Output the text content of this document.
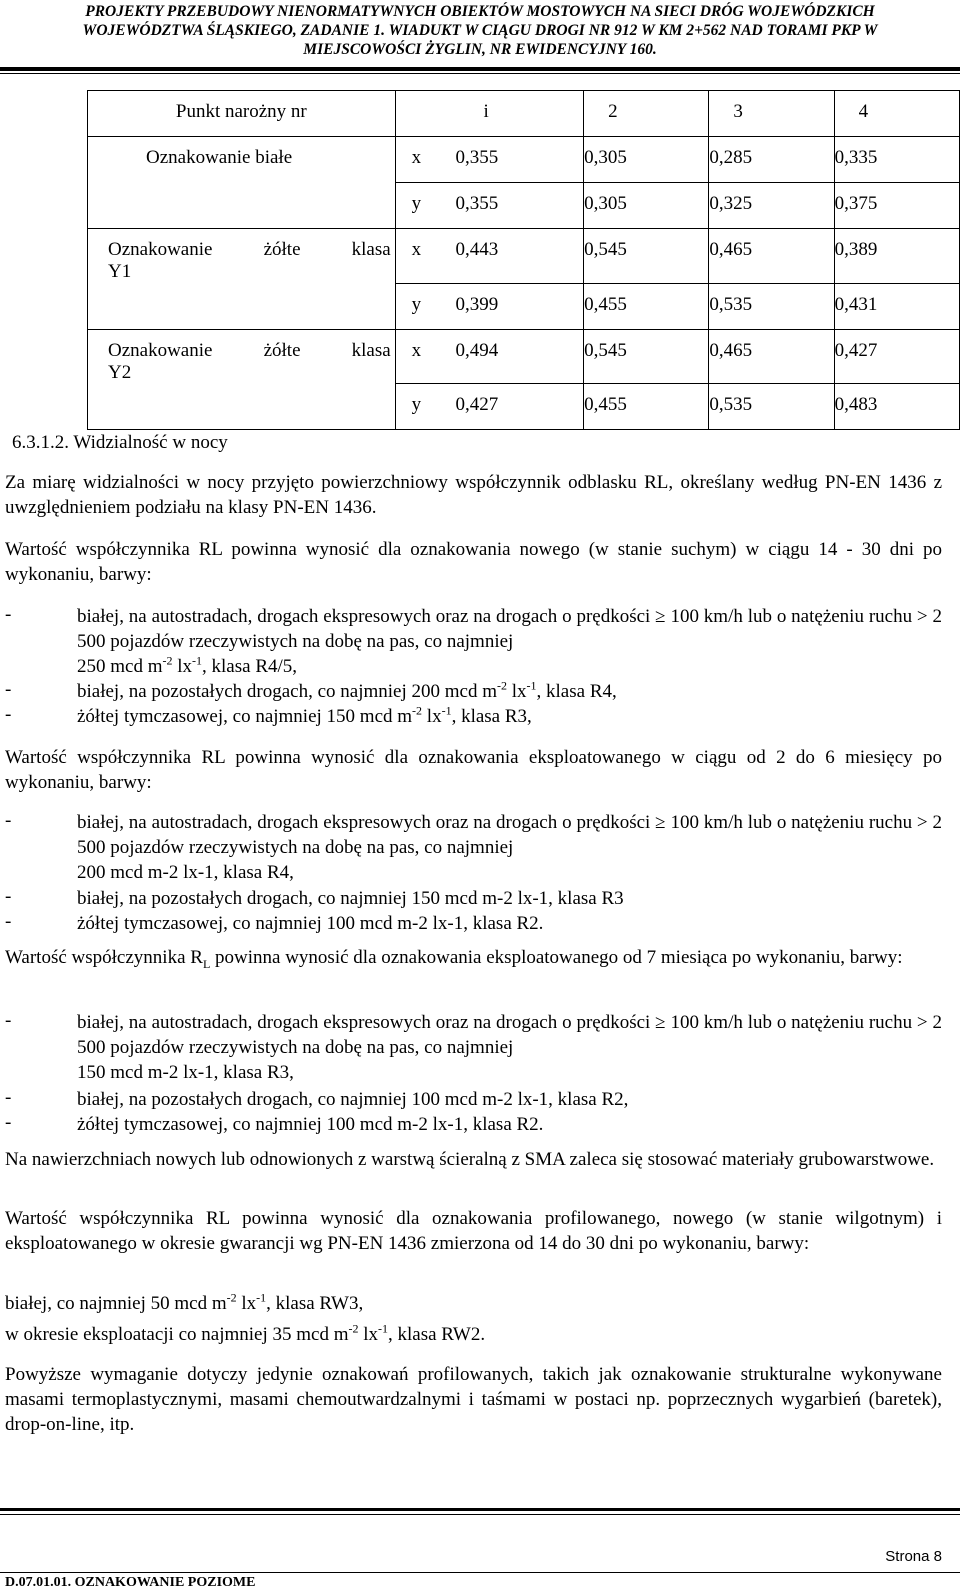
PROJEKTY PRZEBUDOWY NIENORMATYWNYCH OBIEKTÓW MOSTOWYCH NA SIECI DRÓG WOJEWÓDZKICH
WOJEWÓDZTWA ŚLĄSKIEGO, ZADANIE 1. WIADUKT W CIĄGU DROGI NR 912 W KM 2+562 NAD TORAMI PKP W
MIEJSCOWOŚCI ŻYGLIN, NR EWIDENCYJNY 160.
Punkt narożny nr		i	2	3	4
Oznakowanie białe	x	0,355	0,305	0,285	0,335
	y	0,355	0,305	0,325	0,375

Oznakowanie żółte klasa
Y1	x	0,443	0,545	0,465	0,389
	y	0,399	0,455	0,535	0,431

Oznakowanie żółte klasa
Y2	x	0,494	0,545	0,465	0,427
	y	0,427	0,455	0,535	0,483
6.3.1.2. Widzialność w nocy
Za miarę widzialności w nocy przyjęto powierzchniowy współczynnik odblasku RL, określany według PN-EN 1436 z uwzględnieniem podziału na klasy PN-EN 1436.
Wartość współczynnika RL powinna wynosić dla oznakowania nowego (w stanie suchym) w ciągu 14 - 30 dni po wykonaniu, barwy:
-	białej, na autostradach, drogach ekspresowych oraz na drogach o prędkości ≥ 100 km/h lub o natężeniu ruchu > 2 500 pojazdów rzeczywistych na dobę na pas, co najmniej
250 mcd $m^{-2}$ $lx^{-1}$, klasa R4/5,
-	białej, na pozostałych drogach, co najmniej 200 mcd $m^{-2}$ $lx^{-1}$, klasa R4,
-	żółtej tymczasowej, co najmniej 150 mcd $m^{-2}$ $lx^{-1}$, klasa R3,
Wartość współczynnika RL powinna wynosić dla oznakowania eksploatowanego w ciągu od 2 do 6 miesięcy po wykonaniu, barwy:
-	białej, na autostradach, drogach ekspresowych oraz na drogach o prędkości ≥ 100 km/h lub o natężeniu ruchu > 2 500 pojazdów rzeczywistych na dobę na pas, co najmniej
200 mcd m-2 lx-1, klasa R4,
-	białej, na pozostałych drogach, co najmniej 150 mcd m-2 lx-1, klasa R3
-	żółtej tymczasowej, co najmniej 100 mcd m-2 lx-1, klasa R2.
Wartość współczynnika $R_L$ powinna wynosić dla oznakowania eksploatowanego od 7 miesiąca po wykonaniu, barwy:
-	białej, na autostradach, drogach ekspresowych oraz na drogach o prędkości ≥ 100 km/h lub o natężeniu ruchu > 2 500 pojazdów rzeczywistych na dobę na pas, co najmniej
150 mcd m-2 lx-1, klasa R3,
-	białej, na pozostałych drogach, co najmniej 100 mcd m-2 lx-1, klasa R2,
-	żółtej tymczasowej, co najmniej 100 mcd m-2 lx-1, klasa R2.
Na nawierzchniach nowych lub odnowionych z warstwą ścieralną z SMA zaleca się stosować materiały grubowarstwowe.
Wartość współczynnika RL powinna wynosić dla oznakowania profilowanego, nowego (w stanie wilgotnym) i eksploatowanego w okresie gwarancji wg PN-EN 1436 zmierzona od 14 do 30 dni po wykonaniu, barwy:
białej, co najmniej 50 mcd $m^{-2}$ $lx^{-1}$, klasa RW3,
w okresie eksploatacji co najmniej 35 mcd $m^{-2}$ $lx^{-1}$, klasa RW2.
Powyższe wymaganie dotyczy jedynie oznakowań profilowanych, takich jak oznakowanie strukturalne wykonywane masami termoplastycznymi, masami chemoutwardzalnymi i taśmami w postaci np. poprzecznych wygarbień (baretek), drop-on-line, itp.
Strona 8
D.07.01.01. OZNAKOWANIE POZIOME
